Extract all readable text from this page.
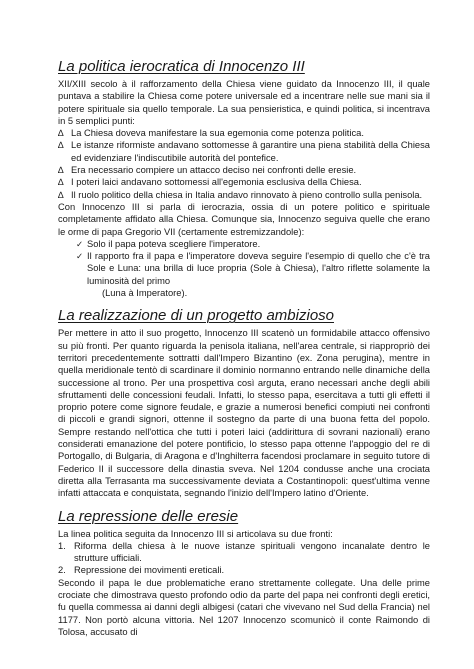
La politica ierocratica di Innocenzo III

XII/XIII secolo à il rafforzamento della Chiesa viene guidato da Innocenzo III, il quale puntava a stabilire la Chiesa come potere universale ed a incentrare nelle sue mani sia il potere spirituale sia quello temporale. La sua pensieristica, e quindi politica, si incentrava in 5 semplici punti:

∆ La Chiesa doveva manifestare la sua egemonia come potenza politica.
∆ Le istanze riformiste andavano sottomesse â garantire una piena stabilità della Chiesa ed evidenziare l'indiscutibile autorità del pontefice.
∆ Era necessario compiere un attacco deciso nei confronti delle eresie.
∆ I poteri laici andavano sottomessi all'egemonia esclusiva della Chiesa.
∆ Il ruolo politico della chiesa in Italia andavo rinnovato à pieno controllo sulla penisola.

Con Innocenzo III si parla di ierocrazia, ossia di un potere politico e spirituale completamente affidato alla Chiesa. Comunque sia, Innocenzo seguiva quelle che erano le orme di papa Gregorio VII (certamente estremizzandole):

✓ Solo il papa poteva scegliere l'imperatore.
✓ Il rapporto fra il papa e l'imperatore doveva seguire l'esempio di quello che c'è tra Sole e Luna: una brilla di luce propria (Sole à Chiesa), l'altro riflette solamente la luminosità del primo

(Luna à Imperatore).

La realizzazione di un progetto ambizioso

Per mettere in atto il suo progetto, Innocenzo III scatenò un formidabile attacco offensivo su più fronti. Per quanto riguarda la penisola italiana, nell'area centrale, si riappropriò dei territori precedentemente sottratti dall'Impero Bizantino (ex. Zona perugina), mentre in quella meridionale tentò di scardinare il dominio normanno entrando nelle dinamiche della successione al trono. Per una prospettiva così arguta, erano necessari anche degli abili sfruttamenti delle concessioni feudali. Infatti, lo stesso papa, esercitava a tutti gli effetti il proprio potere come signore feudale, e grazie a numerosi benefici compiuti nei confronti di piccoli e grandi signori, ottenne il sostegno da parte di una buona fetta del popolo. Sempre restando nell'ottica che tutti i poteri laici (addirittura di sovrani nazionali) erano considerati emanazione del potere pontificio, lo stesso papa ottenne l'appoggio del re di Portogallo, di Bulgaria, di Aragona e d'Inghilterra facendosi proclamare in seguito tutore di Federico II il successore della dinastia sveva. Nel 1204 condusse anche una crociata diretta alla Terrasanta ma successivamente deviata a Costantinopoli: quest'ultima venne infatti attaccata e conquistata, segnando l'inizio dell'Impero latino d'Oriente.

La repressione delle eresie

La linea politica seguita da Innocenzo III si articolava su due fronti:

1. Riforma della chiesa à le nuove istanze spirituali vengono incanalate dentro le strutture ufficiali.
2. Repressione dei movimenti ereticali.

Secondo il papa le due problematiche erano strettamente collegate. Una delle prime crociate che dimostrava questo profondo odio da parte del papa nei confronti degli eretici, fu quella commessa ai danni degli albigesi (catari che vivevano nel Sud della Francia) nel 1177. Non portò alcuna vittoria. Nel 1207 Innocenzo scomunicò il conte Raimondo di Tolosa, accusato di
